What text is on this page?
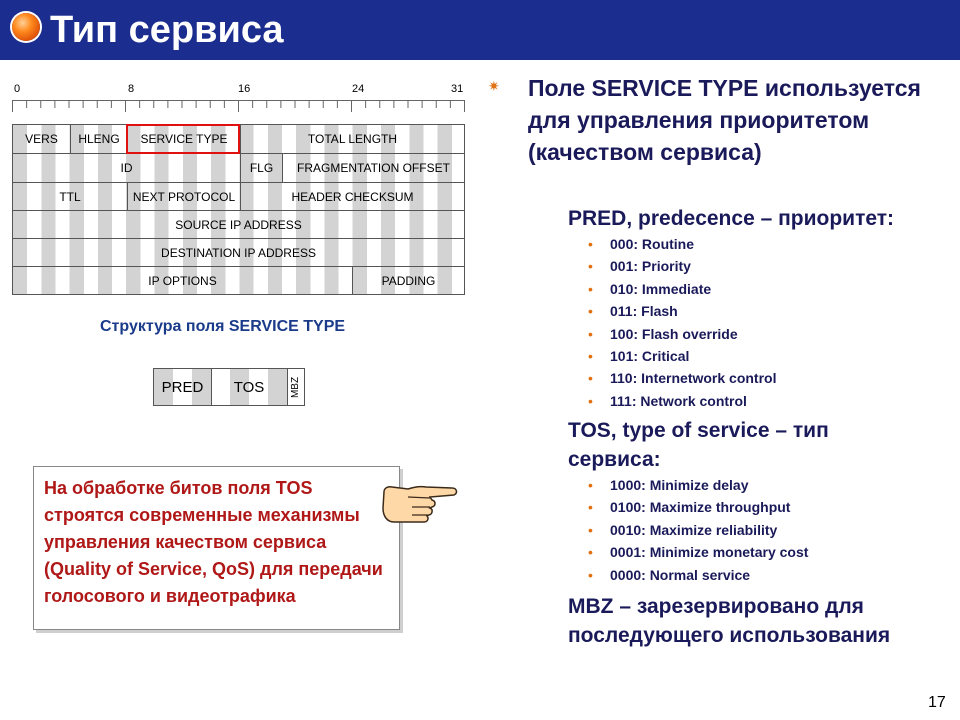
Тип сервиса
0	8	16	24	31
VERS	HLENG	SERVICE TYPE	TOTAL LENGTH
ID	FLG	FRAGMENTATION OFFSET
TTL	NEXT PROTOCOL	HEADER CHECKSUM
SOURCE IP ADDRESS
DESTINATION IP ADDRESS
IP OPTIONS	PADDING
Структура поля SERVICE TYPE
PRED	TOS	MBZ
На обработке битов поля TOS строятся современные механизмы управления качеством сервиса (Quality of Service, QoS) для передачи голосового и видеотрафика
✷ Поле SERVICE TYPE используется для управления приоритетом (качеством сервиса)
PRED, predecence – приоритет:
• 000: Routine
• 001: Priority
• 010: Immediate
• 011: Flash
• 100: Flash override
• 101: Critical
• 110: Internetwork control
• 111: Network control
TOS, type of service – тип сервиса:
• 1000: Minimize delay
• 0100: Maximize throughput
• 0010: Maximize reliability
• 0001: Minimize monetary cost
• 0000: Normal service
MBZ – зарезервировано для последующего использования
17
